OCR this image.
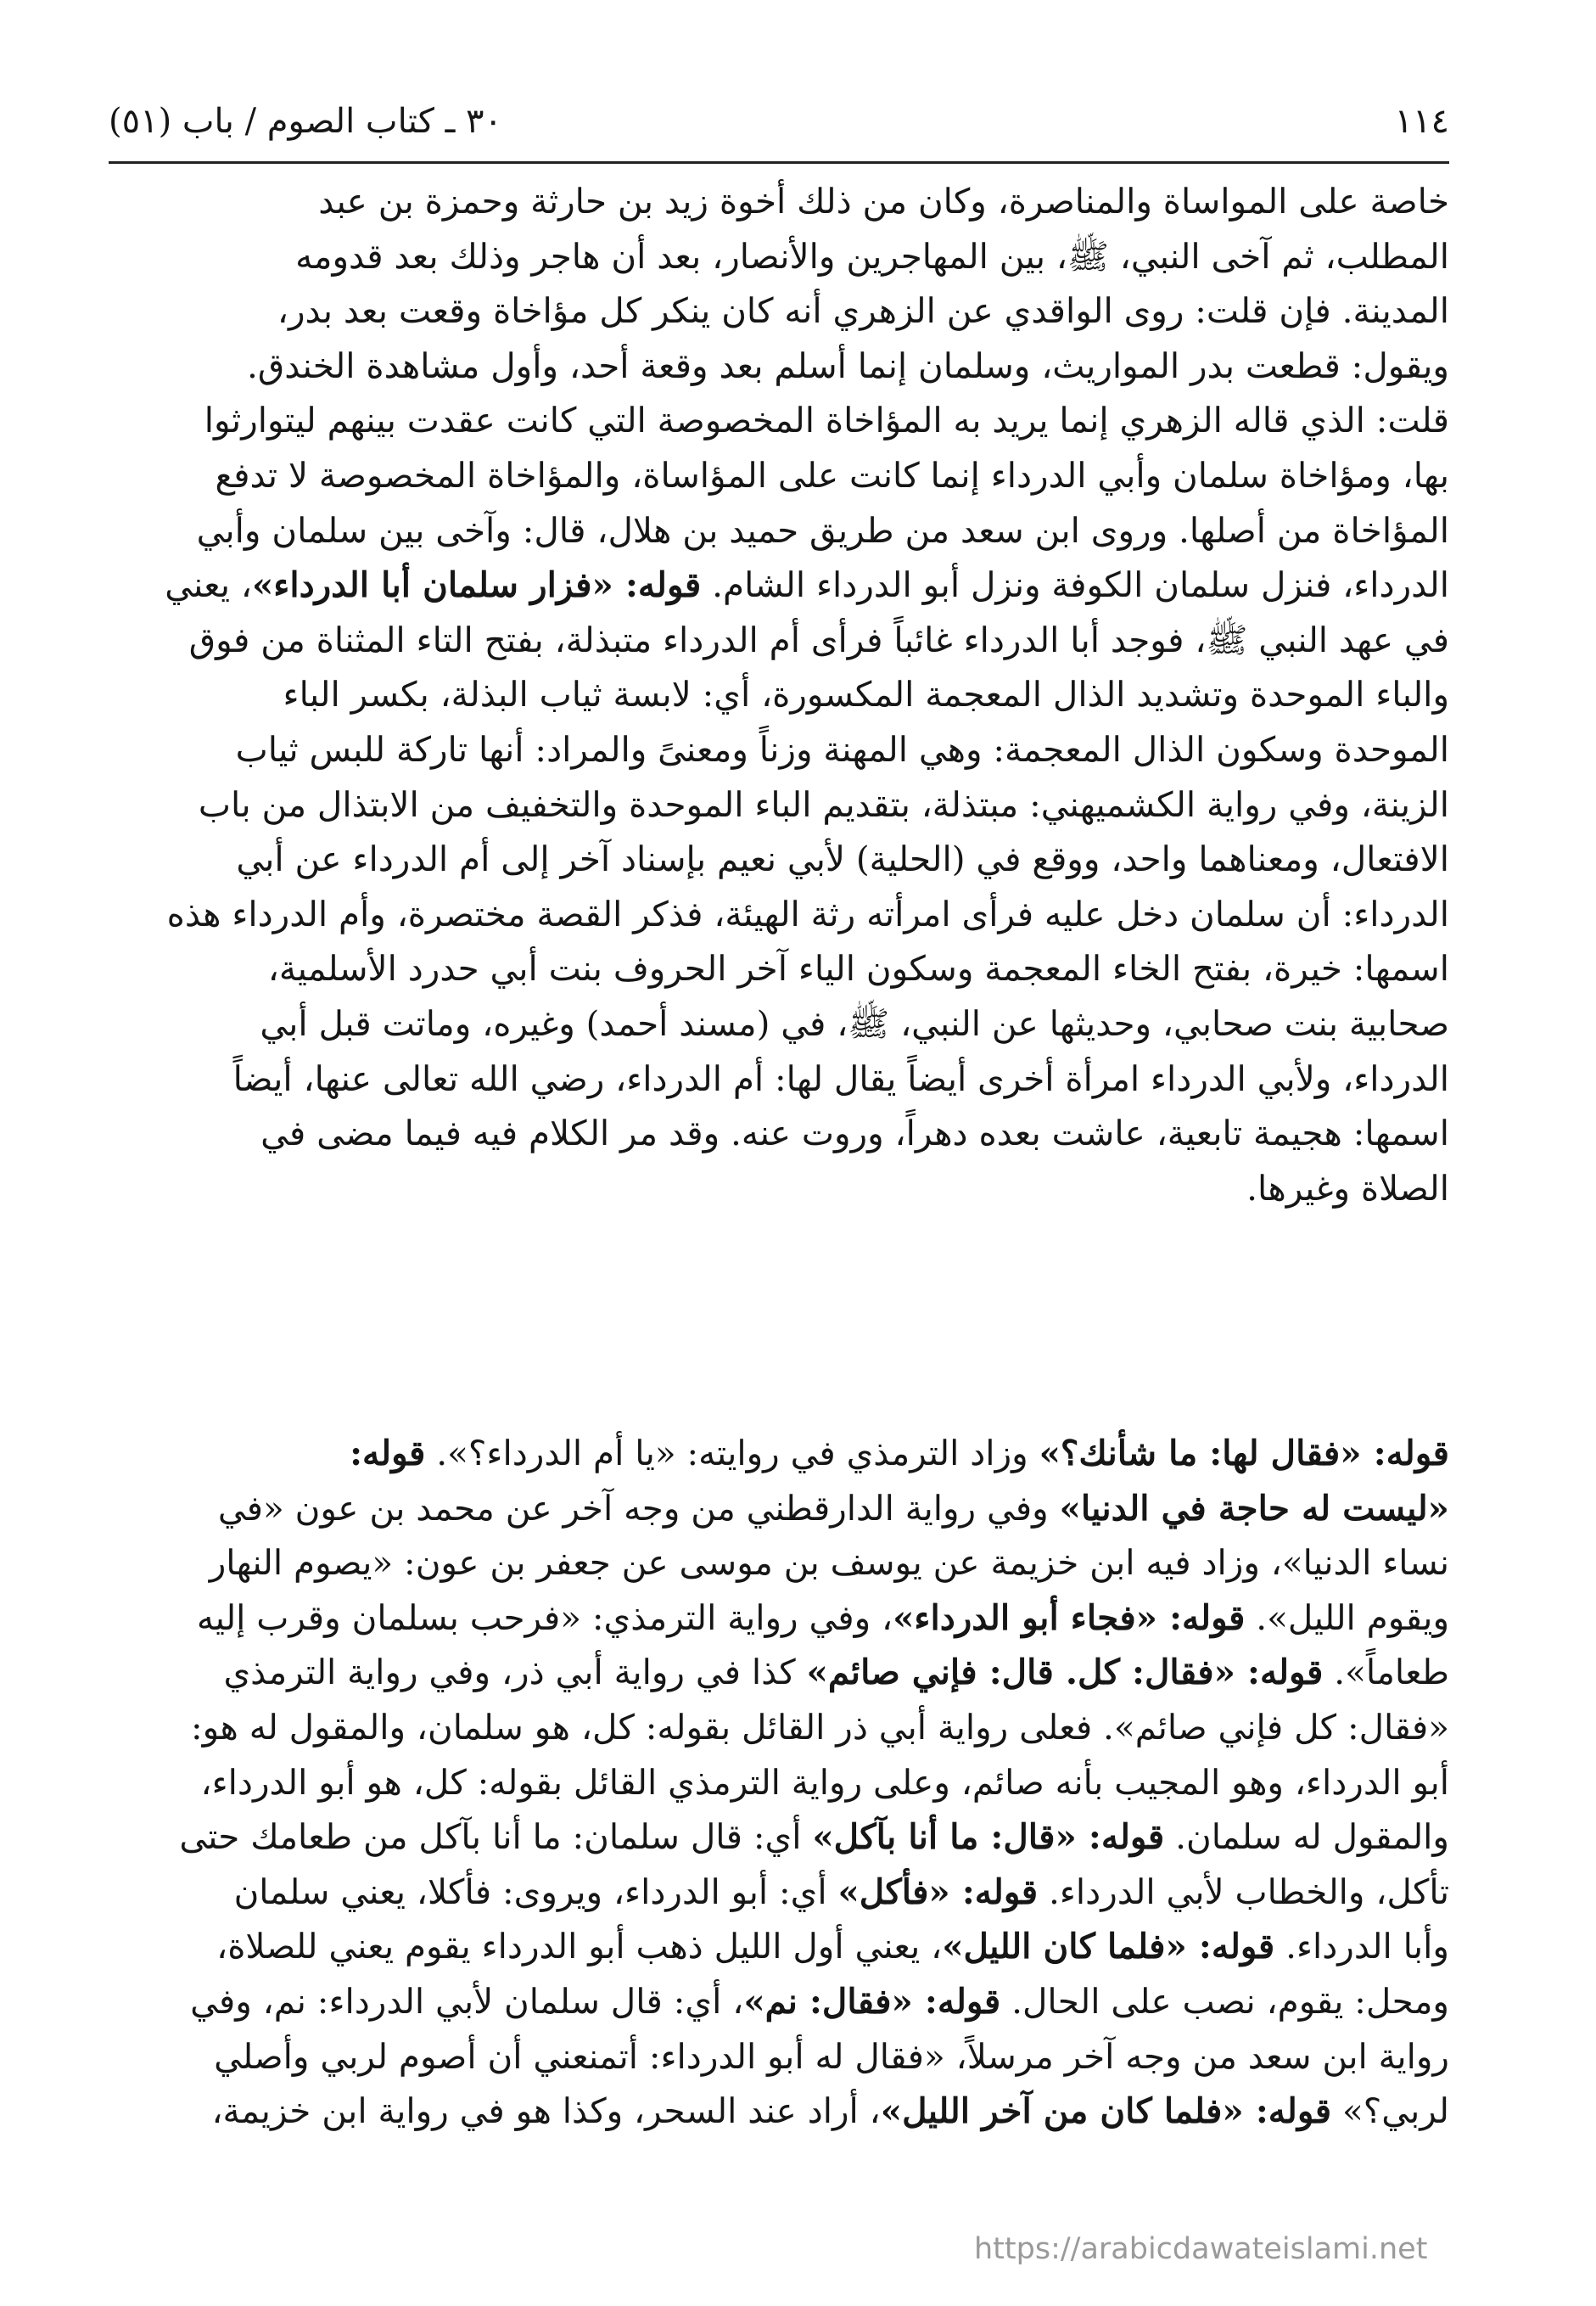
١١٤
٣٠ ـ كتاب الصوم / باب (٥١)
خاصة على المواساة والمناصرة، وكان من ذلك أخوة زيد بن حارثة وحمزة بن عبد
المطلب، ثم آخى النبي، ﷺ، بين المهاجرين والأنصار، بعد أن هاجر وذلك بعد قدومه
المدينة. فإن قلت: روى الواقدي عن الزهري أنه كان ينكر كل مؤاخاة وقعت بعد بدر،
ويقول: قطعت بدر المواريث، وسلمان إنما أسلم بعد وقعة أحد، وأول مشاهدة الخندق.
قلت: الذي قاله الزهري إنما يريد به المؤاخاة المخصوصة التي كانت عقدت بينهم ليتوارثوا
بها، ومؤاخاة سلمان وأبي الدرداء إنما كانت على المؤاساة، والمؤاخاة المخصوصة لا تدفع
المؤاخاة من أصلها. وروى ابن سعد من طريق حميد بن هلال، قال: وآخى بين سلمان وأبي
الدرداء، فنزل سلمان الكوفة ونزل أبو الدرداء الشام. قوله: «فزار سلمان أبا الدرداء»، يعني
في عهد النبي ﷺ، فوجد أبا الدرداء غائباً فرأى أم الدرداء متبذلة، بفتح التاء المثناة من فوق
والباء الموحدة وتشديد الذال المعجمة المكسورة، أي: لابسة ثياب البذلة، بكسر الباء
الموحدة وسكون الذال المعجمة: وهي المهنة وزناً ومعنىً والمراد: أنها تاركة للبس ثياب
الزينة، وفي رواية الكشميهني: مبتذلة، بتقديم الباء الموحدة والتخفيف من الابتذال من باب
الافتعال، ومعناهما واحد، ووقع في (الحلية) لأبي نعيم بإسناد آخر إلى أم الدرداء عن أبي
الدرداء: أن سلمان دخل عليه فرأى امرأته رثة الهيئة، فذكر القصة مختصرة، وأم الدرداء هذه
اسمها: خيرة، بفتح الخاء المعجمة وسكون الياء آخر الحروف بنت أبي حدرد الأسلمية،
صحابية بنت صحابي، وحديثها عن النبي، ﷺ، في (مسند أحمد) وغيره، وماتت قبل أبي
الدرداء، ولأبي الدرداء امرأة أخرى أيضاً يقال لها: أم الدرداء، رضي الله تعالى عنها، أيضاً
اسمها: هجيمة تابعية، عاشت بعده دهراً، وروت عنه. وقد مر الكلام فيه فيما مضى في
الصلاة وغيرها.
قوله: «فقال لها: ما شأنك؟» وزاد الترمذي في روايته: «يا أم الدرداء؟». قوله:
«ليست له حاجة في الدنيا» وفي رواية الدارقطني من وجه آخر عن محمد بن عون «في
نساء الدنيا»، وزاد فيه ابن خزيمة عن يوسف بن موسى عن جعفر بن عون: «يصوم النهار
ويقوم الليل». قوله: «فجاء أبو الدرداء»، وفي رواية الترمذي: «فرحب بسلمان وقرب إليه
طعاماً». قوله: «فقال: كل. قال: فإني صائم» كذا في رواية أبي ذر، وفي رواية الترمذي
«فقال: كل فإني صائم». فعلى رواية أبي ذر القائل بقوله: كل، هو سلمان، والمقول له هو:
أبو الدرداء، وهو المجيب بأنه صائم، وعلى رواية الترمذي القائل بقوله: كل، هو أبو الدرداء،
والمقول له سلمان. قوله: «قال: ما أنا بآكل» أي: قال سلمان: ما أنا بآكل من طعامك حتى
تأكل، والخطاب لأبي الدرداء. قوله: «فأكل» أي: أبو الدرداء، ويروى: فأكلا، يعني سلمان
وأبا الدرداء. قوله: «فلما كان الليل»، يعني أول الليل ذهب أبو الدرداء يقوم يعني للصلاة،
ومحل: يقوم، نصب على الحال. قوله: «فقال: نم»، أي: قال سلمان لأبي الدرداء: نم، وفي
رواية ابن سعد من وجه آخر مرسلاً، «فقال له أبو الدرداء: أتمنعني أن أصوم لربي وأصلي
لربي؟» قوله: «فلما كان من آخر الليل»، أراد عند السحر، وكذا هو في رواية ابن خزيمة،
https://arabicdawateislami.net
